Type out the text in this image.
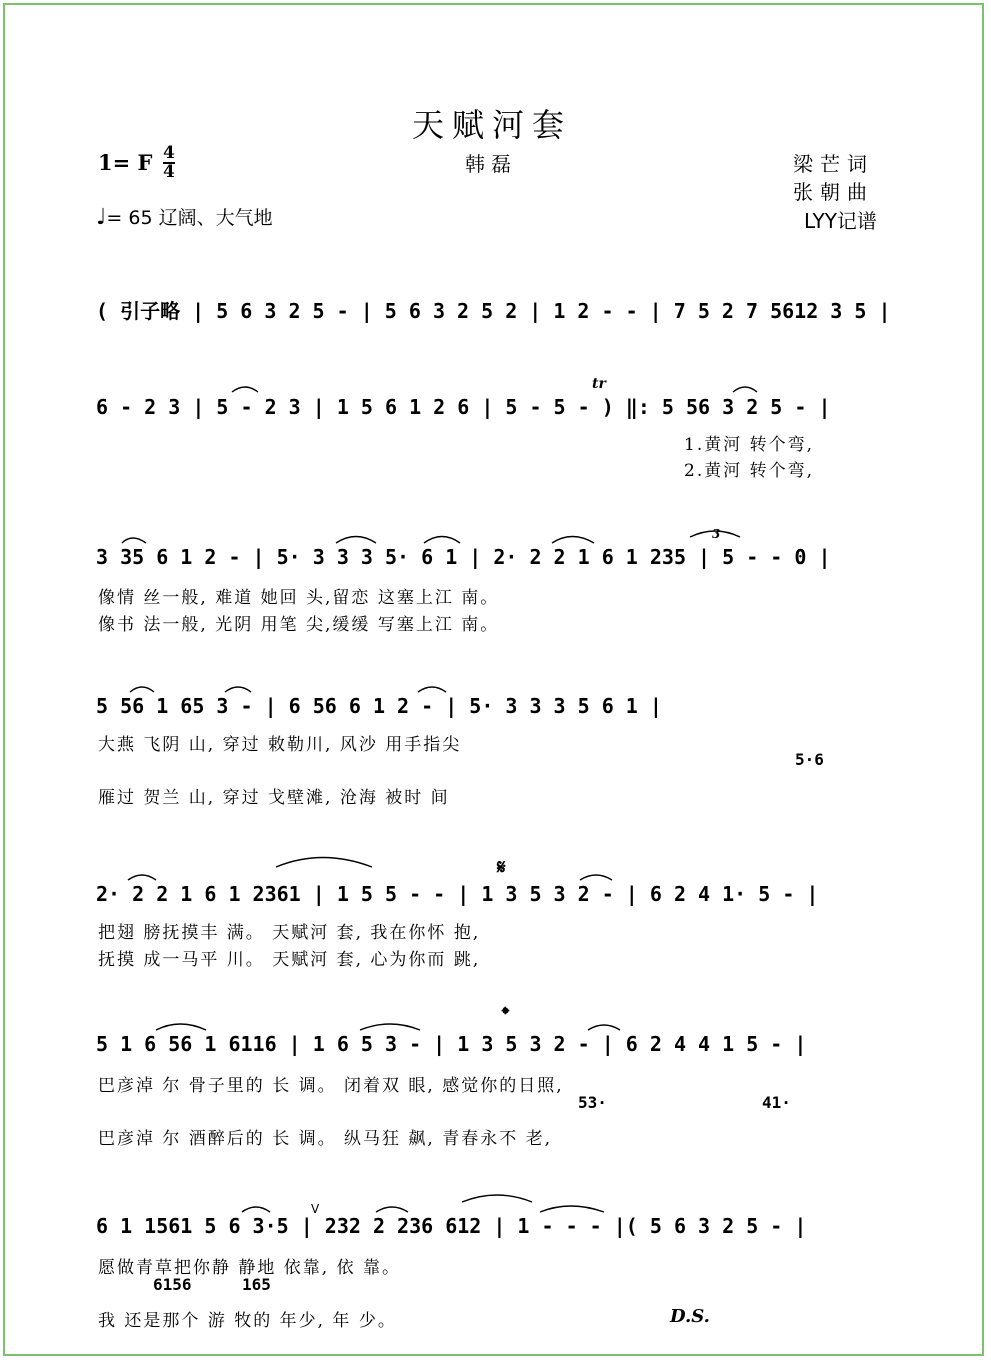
天赋河套
1= F $\frac{4}{4}$	韩磊	梁芒词
张朝曲
LYY记谱
♩= 65 辽阔、大气地
( 引子略 | 5 6 3 2 5 - | 5 6 3 2 5 2 | 1 2 - - | 7 5 2 7 5612 3 5 |
6 - 2 3 | 5 - 2 3 | 1 5 6 1 2 6 | 5 - 5 - ) ‖: 5 56 3 2 5 - |
1.黄河 转个弯,
2.黄河 转个弯,
3 35 6 1 2 - | 5· 3 3 3 5· 6 1 | 2· 2 2 1 6 1 235 | 5 - - 0 |
像情 丝一般, 难道 她回 头,留恋 这塞上江 南。
像书 法一般, 光阴 用笔 尖,缓缓 写塞上江 南。
5 56 1 65 3 - | 6 56 6 1 2 - | 5· 3 3 3 5 6 1 |
大燕 飞阴 山, 穿过 敕勒川, 风沙 用手指尖
5·6
雁过 贺兰 山, 穿过 戈壁滩, 沧海 被时 间
2· 2 2 1 6 1 2361 | 1 5 5 - - | 1 3 5 3 2 - | 6 2 4 1· 5 - |
把翅 膀抚摸丰 满。 天赋河 套, 我在你怀 抱,
抚摸 成一马平 川。 天赋河 套, 心为你而 跳,
5 1 6 56 1 6116 | 1 6 5 3 - | 1 3 5 3 2 - | 6 2 4 4 1 5 - |
巴彦淖 尔 骨子里的 长 调。 闭着双 眼, 感觉你的日照,
53·	41·
巴彦淖 尔 酒醉后的 长 调。 纵马狂 飙, 青春永不 老,
6 1 1561 5 6 3·5 | 232 2 236 612 | 1 - - - |( 5 6 3 2 5 - |
愿做青草把你静 静地 依靠, 依 靠。
6156	165
我 还是那个 游 牧的 年少, 年 少。
tr
𝄋
𝄌
D.S.
V
3
